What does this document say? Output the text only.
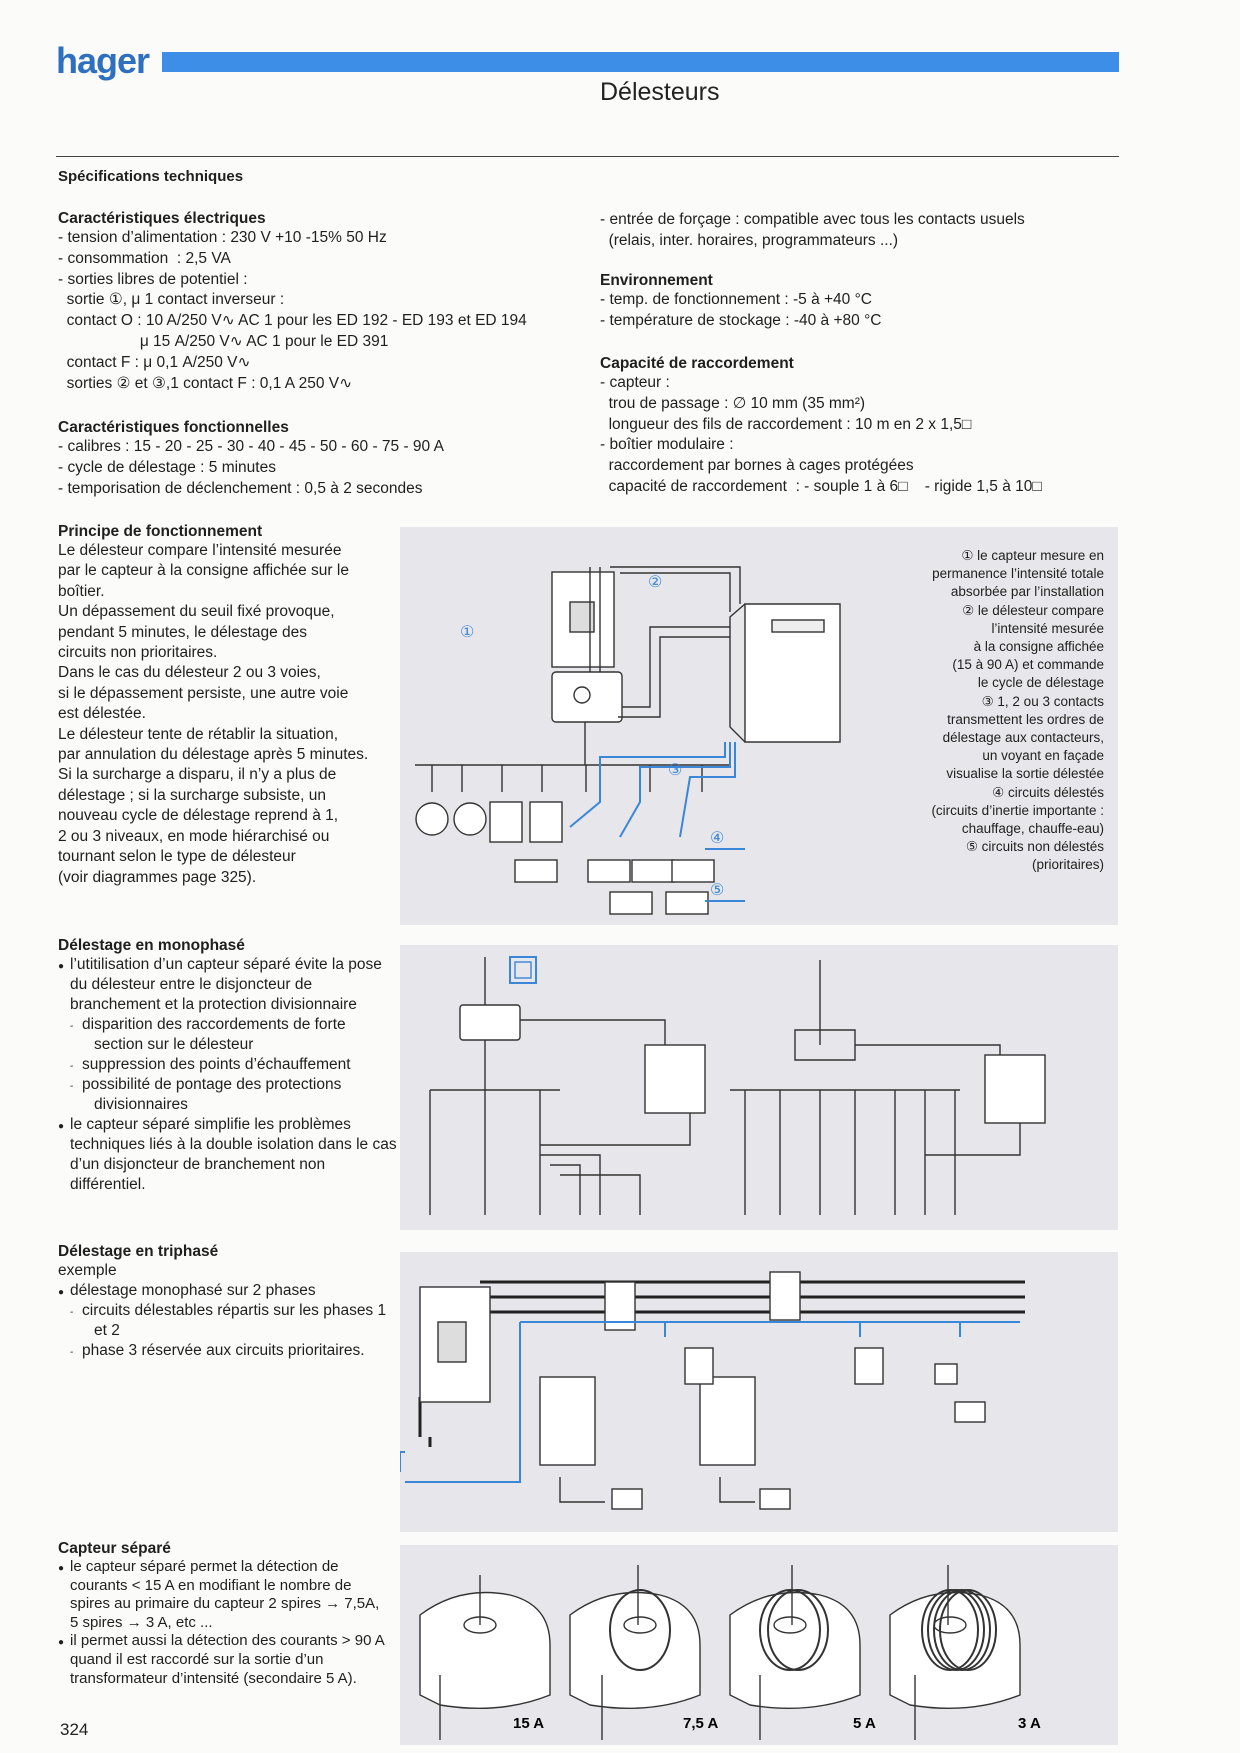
hager
Délesteurs
Spécifications techniques
Caractéristiques électriques
- tension d’alimentation : 230 V +10 -15% 50 Hz
- consommation  : 2,5 VA
- sorties libres de potentiel :
sortie ①, μ 1 contact inverseur :
contact O : 10 A/250 V∿ AC 1 pour les ED 192 - ED 193 et ED 194
μ 15 A/250 V∿ AC 1 pour le ED 391
contact F : μ 0,1 A/250 V∿
sorties ② et ③,1 contact F : 0,1 A 250 V∿
Caractéristiques fonctionnelles
- calibres : 15 - 20 - 25 - 30 - 40 - 45 - 50 - 60 - 75 - 90 A
- cycle de délestage : 5 minutes
- temporisation de déclenchement : 0,5 à 2 secondes
- entrée de forçage : compatible avec tous les contacts usuels
(relais, inter. horaires, programmateurs ...)
Environnement
- temp. de fonctionnement : -5 à +40 °C
- température de stockage : -40 à +80 °C
Capacité de raccordement
- capteur :
trou de passage : ∅ 10 mm (35 mm²)
longueur des fils de raccordement : 10 m en 2 x 1,5□
- boîtier modulaire :
raccordement par bornes à cages protégées
capacité de raccordement  : - souple 1 à 6□    - rigide 1,5 à 10□
Principe de fonctionnement
Le délesteur compare l’intensité mesurée
par le capteur à la consigne affichée sur le
boîtier.
Un dépassement du seuil fixé provoque,
pendant 5 minutes, le délestage des
circuits non prioritaires.
Dans le cas du délesteur 2 ou 3 voies,
si le dépassement persiste, une autre voie
est délestée.
Le délesteur tente de rétablir la situation,
par annulation du délestage après 5 minutes.
Si la surcharge a disparu, il n’y a plus de
délestage ; si la surcharge subsiste, un
nouveau cycle de délestage reprend à 1,
2 ou 3 niveaux, en mode hiérarchisé ou
tournant selon le type de délesteur
(voir diagrammes page 325).
①
②
③
④
⑤
① le capteur mesure en
permanence l’intensité totale
absorbée par l’installation
② le délesteur compare
l’intensité mesurée
à la consigne affichée
(15 à 90 A) et commande
le cycle de délestage
③ 1, 2 ou 3 contacts
transmettent les ordres de
délestage aux contacteurs,
un voyant en façade
visualise la sortie délestée
④ circuits délestés
(circuits d’inertie importante :
chauffage, chauffe-eau)
⑤ circuits non délestés
(prioritaires)
Délestage en monophasé
● l’utitilisation d’un capteur séparé évite la pose du délesteur entre le disjoncteur de branchement et la protection divisionnaire
- disparition des raccordements de forte section sur le délesteur
- suppression des points d’échauffement
- possibilité de pontage des protections divisionnaires
● le capteur séparé simplifie les problèmes techniques liés à la double isolation dans le cas d’un disjoncteur de branchement non différentiel.
Délestage en triphasé
exemple
● délestage monophasé sur 2 phases
- circuits délestables répartis sur les phases 1 et 2
- phase 3 réservée aux circuits prioritaires.
Capteur séparé
● le capteur séparé permet la détection de courants < 15 A en modifiant le nombre de spires au primaire du capteur 2 spires → 7,5A, 5 spires → 3 A, etc ...
● il permet aussi la détection des courants > 90 A quand il est raccordé sur la sortie d’un transformateur d’intensité (secondaire 5 A).
15 A	7,5 A	5 A	3 A
324
